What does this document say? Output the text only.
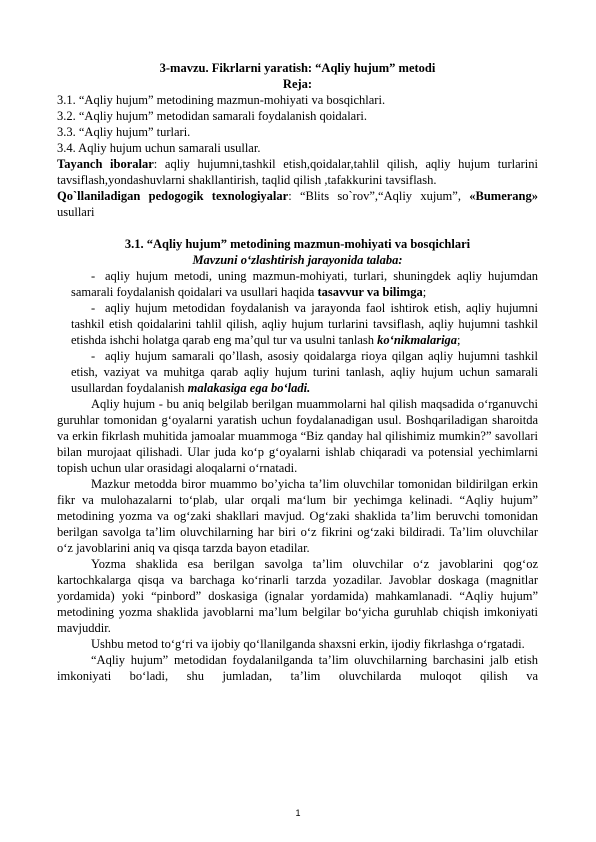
3-mavzu. Fikrlarni yaratish: “Aqliy hujum” metodi

Reja:

3.1. “Aqliy hujum” metodining mazmun-mohiyati va bosqichlari.

3.2. “Aqliy hujum” metodidan samarali foydalanish qoidalari.

3.3. “Aqliy hujum” turlari.

3.4. Aqliy hujum uchun samarali usullar.

Tayanch iboralar: aqliy hujumni,tashkil etish,qoidalar,tahlil qilish, aqliy hujum turlarini tavsiflash,yondashuvlarni shakllantirish, taqlid qilish ,tafakkurini tavsiflash.

Qo`llaniladigan pedogogik texnologiyalar: “Blits so`rov”,“Aqliy xujum”, «Bumerang» usullari

3.1. “Aqliy hujum” metodining mazmun-mohiyati va bosqichlari

Mavzuni o‘zlashtirish jarayonida talaba:

- aqliy hujum metodi, uning mazmun-mohiyati, turlari, shuningdek aqliy hujumdan samarali foydalanish qoidalari va usullari haqida tasavvur va bilimga;

- aqliy hujum metodidan foydalanish va jarayonda faol ishtirok etish, aqliy hujumni tashkil etish qoidalarini tahlil qilish, aqliy hujum turlarini tavsiflash, aqliy hujumni tashkil etishda ishchi holatga qarab eng ma’qul tur va usulni tanlash ko‘nikmalariga;

- aqliy hujum samarali qo’llash, asosiy qoidalarga rioya qilgan aqliy hujumni tashkil etish, vaziyat va muhitga qarab aqliy hujum turini tanlash, aqliy hujum uchun samarali usullardan foydalanish malakasiga ega bo‘ladi.

Aqliy hujum - bu aniq belgilab berilgan muammolarni hal qilish maqsadida o‘rganuvchi guruhlar tomonidan g‘oyalarni yaratish uchun foydalanadigan usul. Boshqariladigan sharoitda va erkin fikrlash muhitida jamoalar muammoga “Biz qanday hal qilishimiz mumkin?” savollari bilan murojaat qilishadi. Ular juda ko‘p g‘oyalarni ishlab chiqaradi va potensial yechimlarni topish uchun ular orasidagi aloqalarni o‘rnatadi.

Mazkur metodda biror muammo bo’yicha ta’lim oluvchilar tomonidan bildirilgan erkin fikr va mulohazalarni to‘plab, ular orqali ma‘lum bir yechimga kelinadi. “Aqliy hujum” metodining yozma va og‘zaki shakllari mavjud. Og‘zaki shaklida ta’lim beruvchi tomonidan berilgan savolga ta’lim oluvchilarning har biri o‘z fikrini og‘zaki bildiradi. Ta’lim oluvchilar o‘z javoblarini aniq va qisqa tarzda bayon etadilar.

Yozma shaklida esa berilgan savolga ta’lim oluvchilar o‘z javoblarini qog‘oz kartochkalarga qisqa va barchaga ko‘rinarli tarzda yozadilar. Javoblar doskaga (magnitlar yordamida) yoki “pinbord” doskasiga (ignalar yordamida) mahkamlanadi. “Aqliy hujum” metodining yozma shaklida javoblarni ma’lum belgilar bo‘yicha guruhlab chiqish imkoniyati mavjuddir.

Ushbu metod to‘g‘ri va ijobiy qo‘llanilganda shaxsni erkin, ijodiy fikrlashga o‘rgatadi.

“Aqliy hujum” metodidan foydalanilganda ta’lim oluvchilarning barchasini jalb etish imkoniyati bo‘ladi, shu jumladan, ta’lim oluvchilarda muloqot qilish va

1
